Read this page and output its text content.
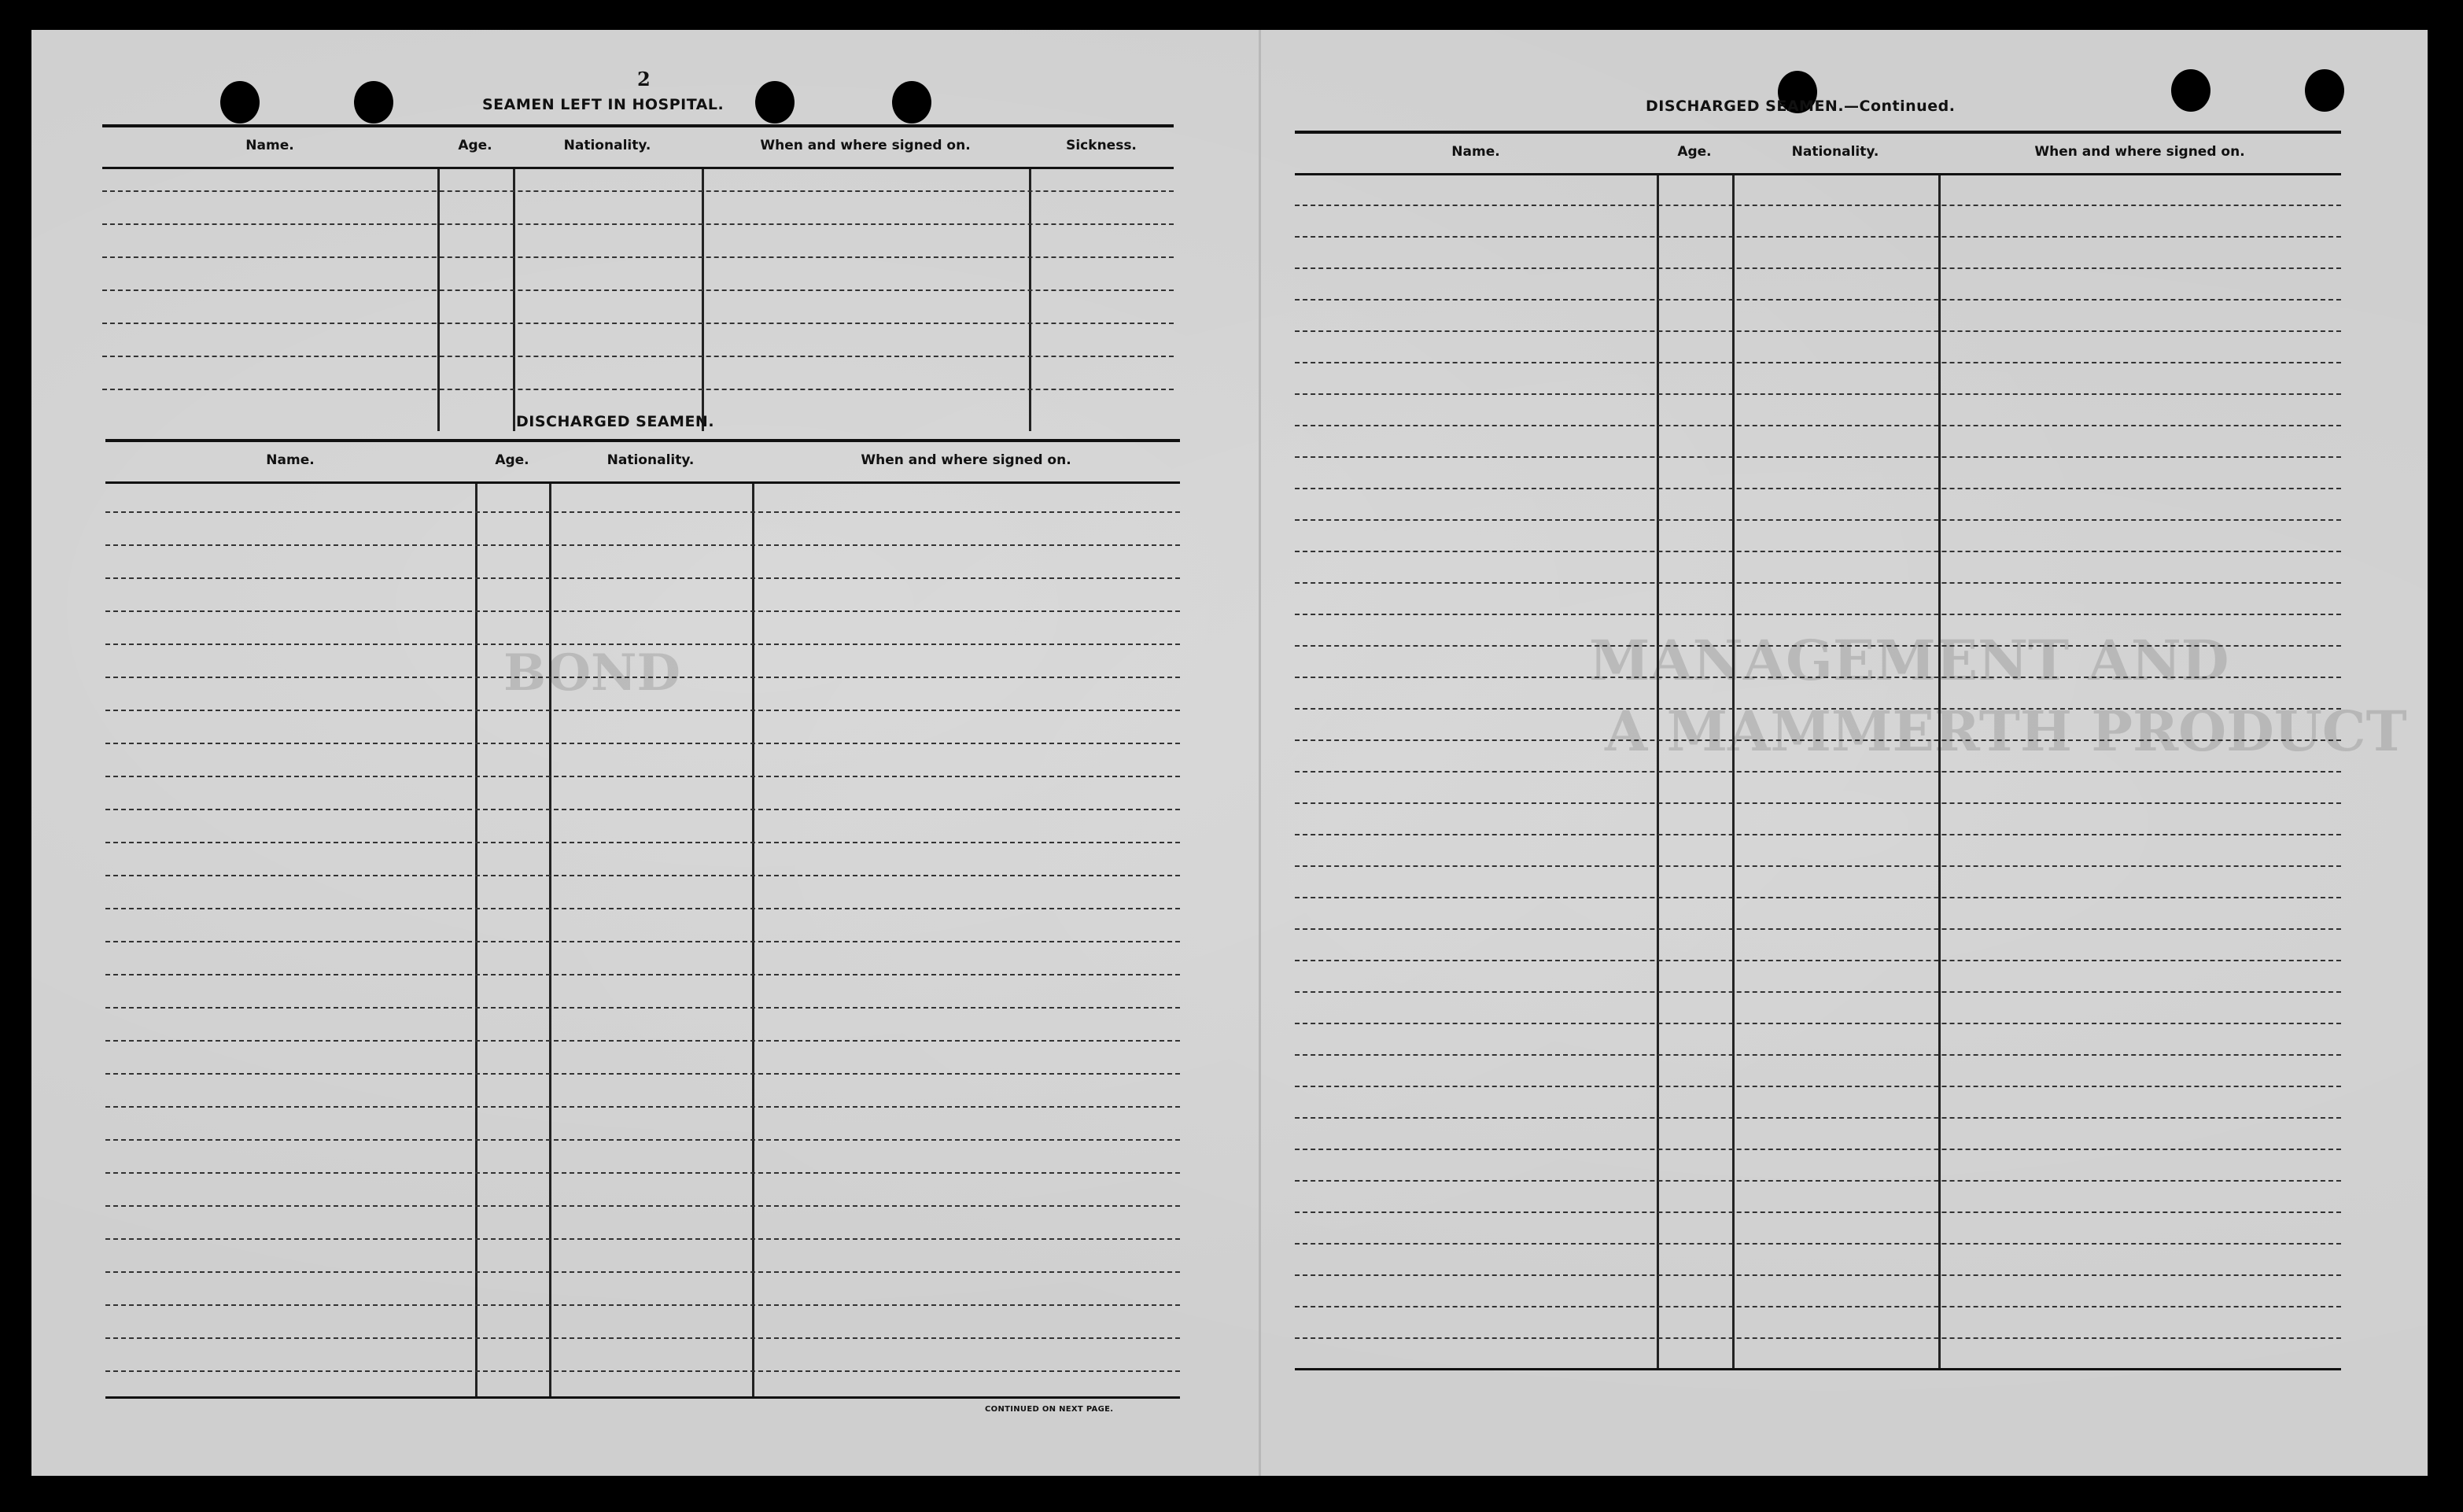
MANAGEMENT AND
A MAMMERTH PRODUCT
BOND
2
SEAMEN LEFT IN HOSPITAL.
Name.	Age.	Nationality.	When and where signed on.	Sickness.
DISCHARGED SEAMEN.
Name.	Age.	Nationality.	When and where signed on.
CONTINUED ON NEXT PAGE.
DISCHARGED SEAMEN.—Continued.
Name.	Age.	Nationality.	When and where signed on.
